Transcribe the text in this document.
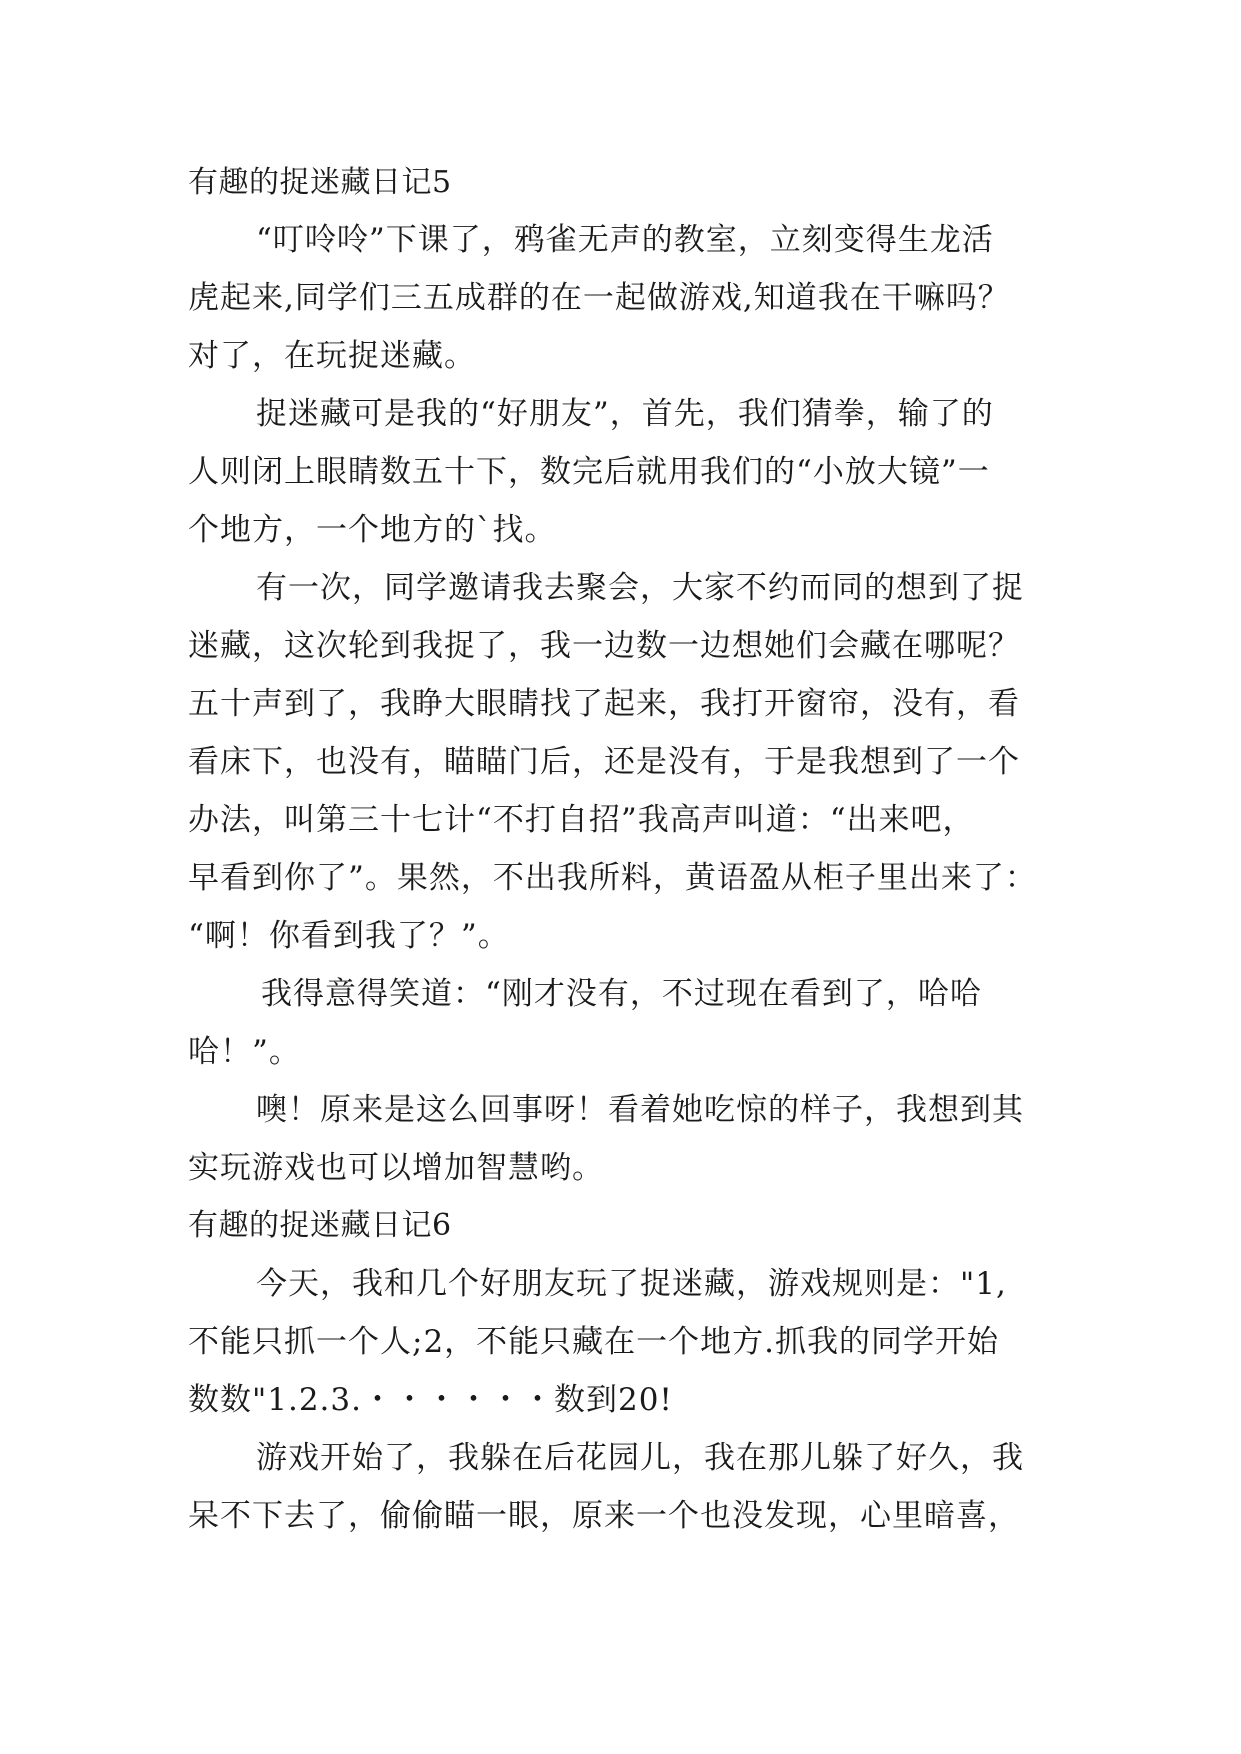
有趣的捉迷藏日记5
“叮呤呤”下课了，鸦雀无声的教室，立刻变得生龙活
虎起来,同学们三五成群的在一起做游戏,知道我在干嘛吗？
对了，在玩捉迷藏。
捉迷藏可是我的“好朋友”，首先，我们猜拳，输了的
人则闭上眼睛数五十下，数完后就用我们的“小放大镜”一
个地方，一个地方的`找。
有一次，同学邀请我去聚会，大家不约而同的想到了捉
迷藏，这次轮到我捉了，我一边数一边想她们会藏在哪呢？
五十声到了，我睁大眼睛找了起来，我打开窗帘，没有，看
看床下，也没有，瞄瞄门后，还是没有，于是我想到了一个
办法，叫第三十七计“不打自招”我高声叫道：“出来吧，
早看到你了”。果然，不出我所料，黄语盈从柜子里出来了：
“啊！你看到我了？”。
我得意得笑道：“刚才没有，不过现在看到了，哈哈
哈！”。
噢！原来是这么回事呀！看着她吃惊的样子，我想到其
实玩游戏也可以增加智慧哟。
有趣的捉迷藏日记6
今天，我和几个好朋友玩了捉迷藏，游戏规则是："1,
不能只抓一个人;2，不能只藏在一个地方.抓我的同学开始
数数"1.2.3.・・・・・・数到20!
游戏开始了，我躲在后花园儿，我在那儿躲了好久，我
呆不下去了，偷偷瞄一眼，原来一个也没发现，心里暗喜，
